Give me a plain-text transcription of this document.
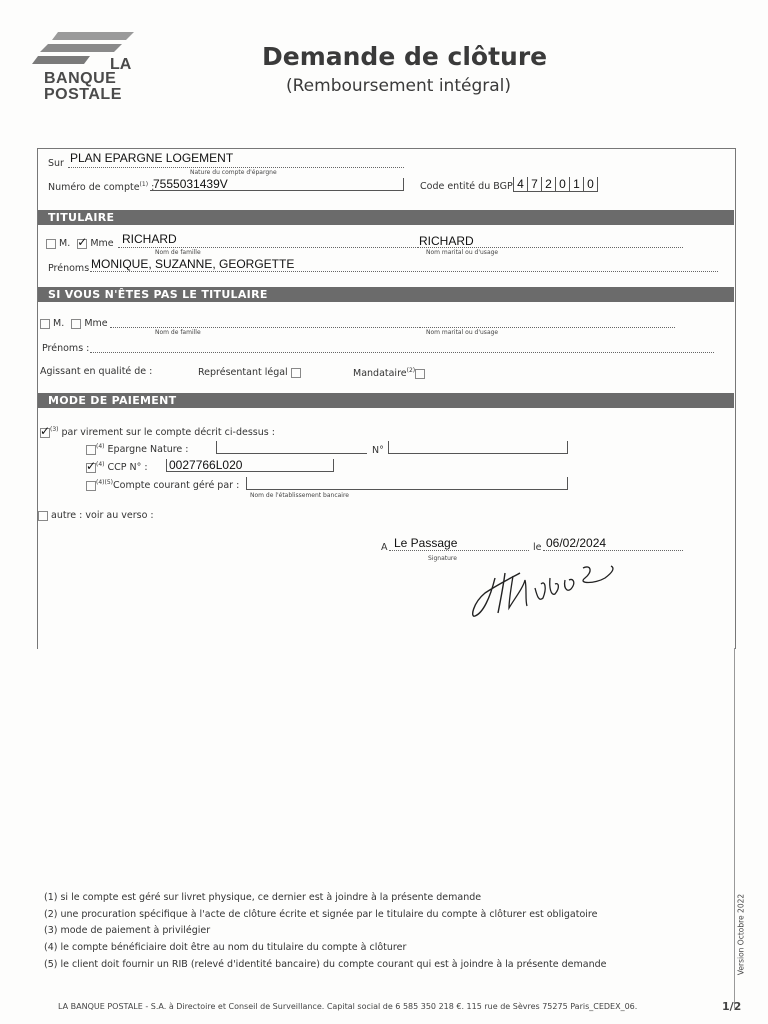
LA
BANQUE
POSTALE
Demande de clôture
(Remboursement intégral)
Sur PLAN EPARGNE LOGEMENT
Nature du compte d'épargne
Numéro de compte$^{(1)}$ :
7555031439V	Code entité du BGP 4 7 2 0 1 0
TITULAIRE
M. ✓ Mme RICHARD
Nom de famille
RICHARD
Nom marital ou d'usage
Prénoms MONIQUE, SUZANNE, GEORGETTE
SI VOUS N'ÊTES PAS LE TITULAIRE
M. Mme
Nom de famille	Nom marital ou d'usage
Prénoms :
Agissant en qualité de :	Représentant légal	Mandataire$^{(2)}$
MODE DE PAIEMENT
✓ $^{(3)}$ par virement sur le compte décrit ci-dessus :
$^{(4)}$ Epargne Nature :	N°
✓ $^{(4)}$ CCP N° : 0027766L020
$^{(4)(5)}$Compte courant géré par :
Nom de l'établissement bancaire
autre : voir au verso :
A Le Passage	le 06/02/2024
Signature
(1) si le compte est géré sur livret physique, ce dernier est à joindre à la présente demande
(2) une procuration spécifique à l'acte de clôture écrite et signée par le titulaire du compte à clôturer est obligatoire
(3) mode de paiement à privilégier
(4) le compte bénéficiaire doit être au nom du titulaire du compte à clôturer
(5) le client doit fournir un RIB (relevé d'identité bancaire) du compte courant qui est à joindre à la présente demande	Version Octobre 2022
LA BANQUE POSTALE - S.A. à Directoire et Conseil de Surveillance. Capital social de 6 585 350 218 €. 115 rue de Sèvres 75275 Paris_CEDEX_06.	1/2
